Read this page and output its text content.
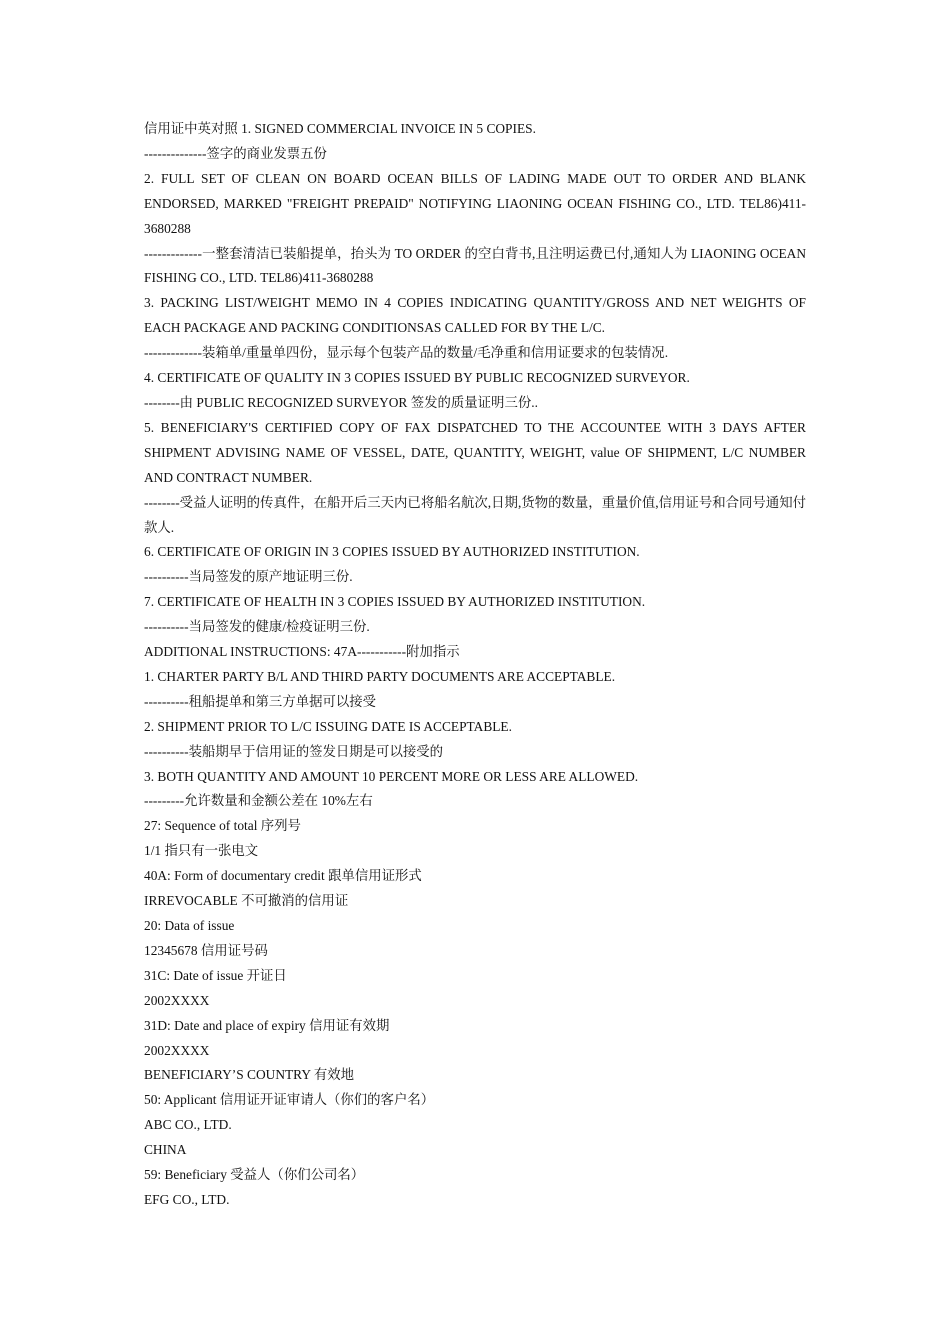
信用证中英对照 1. SIGNED COMMERCIAL INVOICE IN 5 COPIES.
--------------签字的商业发票五份
2. FULL SET OF CLEAN ON BOARD OCEAN BILLS OF LADING MADE OUT TO ORDER AND BLANK ENDORSED, MARKED "FREIGHT PREPAID" NOTIFYING LIAONING OCEAN FISHING CO., LTD. TEL86)411-3680288
-------------一整套清洁已装船提单，抬头为 TO ORDER 的空白背书,且注明运费已付,通知人为 LIAONING OCEAN FISHING CO., LTD. TEL86)411-3680288
3. PACKING LIST/WEIGHT MEMO IN 4 COPIES INDICATING QUANTITY/GROSS AND NET WEIGHTS OF EACH PACKAGE AND PACKING CONDITIONSAS CALLED FOR BY THE L/C.
-------------装箱单/重量单四份，显示每个包装产品的数量/毛净重和信用证要求的包装情况.
4. CERTIFICATE OF QUALITY IN 3 COPIES ISSUED BY PUBLIC RECOGNIZED SURVEYOR.
--------由 PUBLIC RECOGNIZED SURVEYOR 签发的质量证明三份..
5. BENEFICIARY'S CERTIFIED COPY OF FAX DISPATCHED TO THE ACCOUNTEE WITH 3 DAYS AFTER SHIPMENT ADVISING NAME OF VESSEL, DATE, QUANTITY, WEIGHT, value OF SHIPMENT, L/C NUMBER AND CONTRACT NUMBER.
--------受益人证明的传真件，在船开后三天内已将船名航次,日期,货物的数量，重量价值,信用证号和合同号通知付款人.
6. CERTIFICATE OF ORIGIN IN 3 COPIES ISSUED BY AUTHORIZED INSTITUTION.
----------当局签发的原产地证明三份.
7. CERTIFICATE OF HEALTH IN 3 COPIES ISSUED BY AUTHORIZED INSTITUTION.
----------当局签发的健康/检疫证明三份.
ADDITIONAL INSTRUCTIONS: 47A-----------附加指示
1. CHARTER PARTY B/L AND THIRD PARTY DOCUMENTS ARE ACCEPTABLE.
----------租船提单和第三方单据可以接受
2. SHIPMENT PRIOR TO L/C ISSUING DATE IS ACCEPTABLE.
----------装船期早于信用证的签发日期是可以接受的
3. BOTH QUANTITY AND AMOUNT 10 PERCENT MORE OR LESS ARE ALLOWED.
---------允许数量和金额公差在 10%左右
27: Sequence of total 序列号
1/1 指只有一张电文
40A: Form of documentary credit 跟单信用证形式
IRREVOCABLE 不可撤消的信用证
20: Data of issue
12345678 信用证号码
31C: Date of issue 开证日
2002XXXX
31D: Date and place of expiry 信用证有效期
2002XXXX
BENEFICIARY’S COUNTRY 有效地
50: Applicant 信用证开证审请人（你们的客户名）
ABC CO., LTD.
CHINA
59: Beneficiary 受益人（你们公司名）
EFG CO., LTD.
